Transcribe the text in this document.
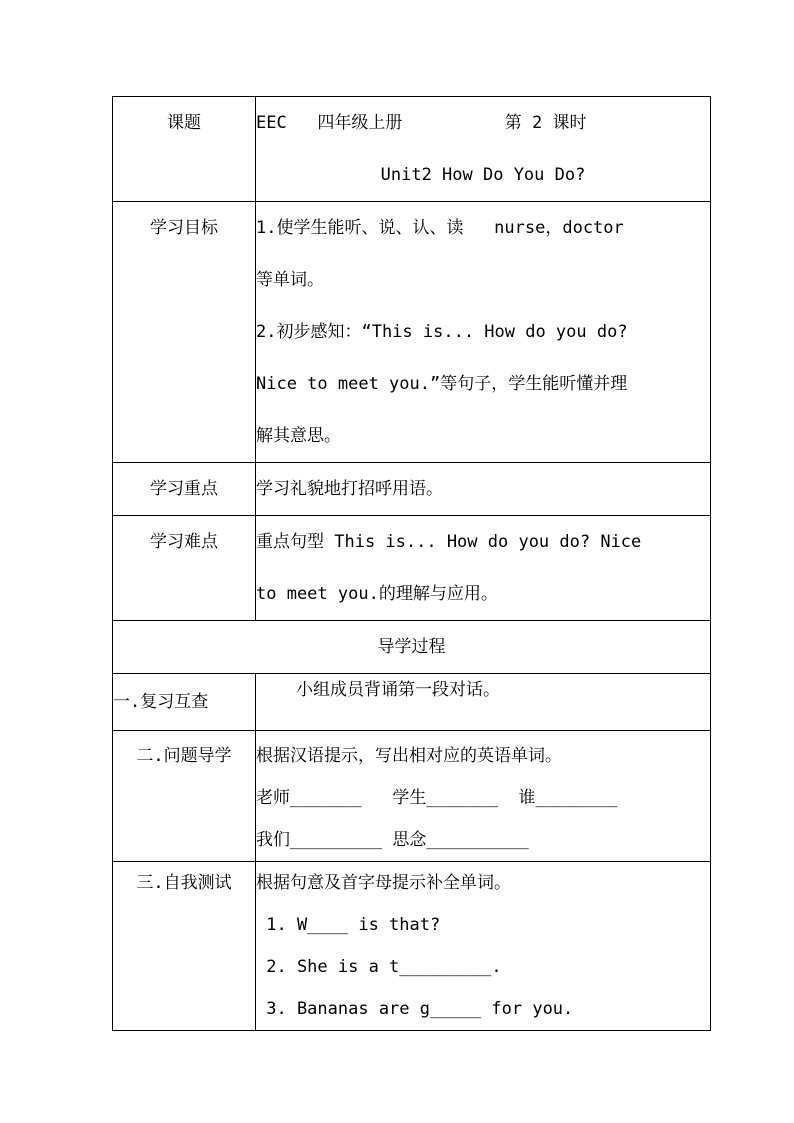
课题	EEC   四年级上册          第 2 课时
Unit2 How Do You Do?

学习目标	1.使学生能听、说、认、读   nurse，doctor
等单词。
2.初步感知：“This is... How do you do?
Nice to meet you.”等句子，学生能听懂并理
解其意思。

学习重点	学习礼貌地打招呼用语。

学习难点	重点句型 This is... How do you do? Nice
to meet you.的理解与应用。

导学过程	

一.复习互查	小组成员背诵第一段对话。

二.问题导学	根据汉语提示，写出相对应的英语单词。
老师_______   学生_______  谁________
我们_________ 思念__________

三.自我测试	根据句意及首字母提示补全单词。
1. W____ is that?
2. She is a t_________.
3. Bananas are g_____ for you.
